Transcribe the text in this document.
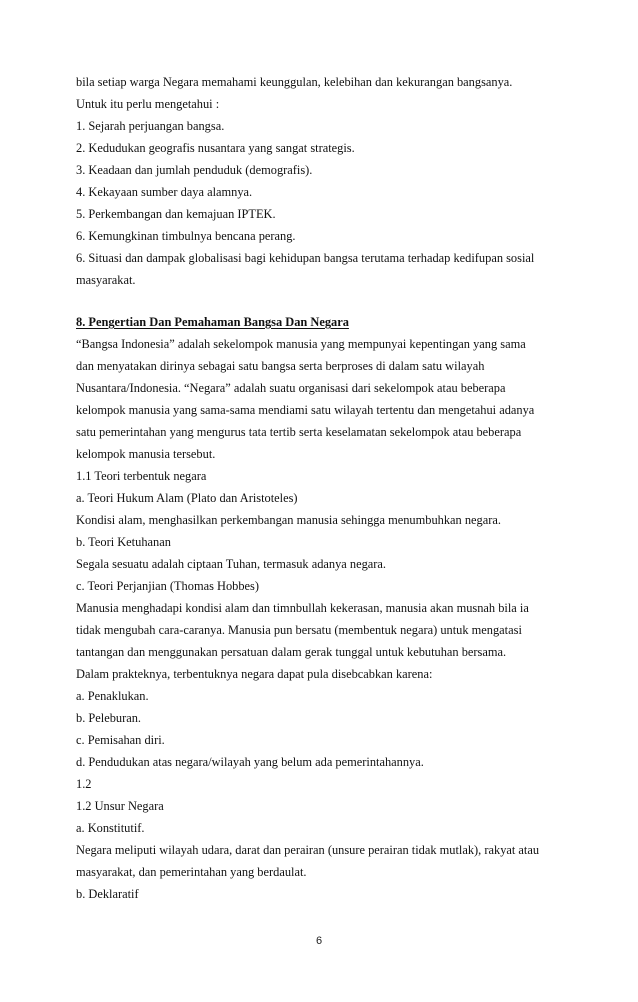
bila setiap warga Negara memahami keunggulan, kelebihan dan kekurangan bangsanya.

Untuk itu perlu mengetahui :

1. Sejarah perjuangan bangsa.

2. Kedudukan geografis nusantara yang sangat strategis.

3. Keadaan dan jumlah penduduk (demografis).

4. Kekayaan sumber daya alamnya.

5. Perkembangan dan kemajuan IPTEK.

6. Kemungkinan timbulnya bencana perang.

6. Situasi dan dampak globalisasi bagi kehidupan bangsa terutama terhadap kedifupan sosial

masyarakat.

8. Pengertian Dan Pemahaman Bangsa Dan Negara

“Bangsa Indonesia” adalah sekelompok manusia yang mempunyai kepentingan yang sama

dan menyatakan dirinya sebagai satu bangsa serta berproses di dalam satu wilayah

Nusantara/Indonesia. “Negara” adalah suatu organisasi dari sekelompok atau beberapa

kelompok manusia yang sama-sama mendiami satu wilayah tertentu dan mengetahui adanya

satu pemerintahan yang mengurus tata tertib serta keselamatan sekelompok atau beberapa

kelompok manusia tersebut.

1.1 Teori terbentuk negara

a. Teori Hukum Alam (Plato dan Aristoteles)

Kondisi alam, menghasilkan perkembangan manusia sehingga menumbuhkan negara.

b. Teori Ketuhanan

Segala sesuatu adalah ciptaan Tuhan, termasuk adanya negara.

c. Teori Perjanjian (Thomas Hobbes)

Manusia menghadapi kondisi alam dan timnbullah kekerasan, manusia akan musnah bila ia

tidak mengubah cara-caranya. Manusia pun bersatu (membentuk negara) untuk mengatasi

tantangan dan menggunakan persatuan dalam gerak tunggal untuk kebutuhan bersama.

Dalam prakteknya, terbentuknya negara dapat pula disebcabkan karena:

a. Penaklukan.

b. Peleburan.

c. Pemisahan diri.

d. Pendudukan atas negara/wilayah yang belum ada pemerintahannya.

1.2

1.2 Unsur Negara

a. Konstitutif.

Negara meliputi wilayah udara, darat dan perairan (unsure perairan tidak mutlak), rakyat atau

masyarakat, dan pemerintahan yang berdaulat.

b. Deklaratif

6
